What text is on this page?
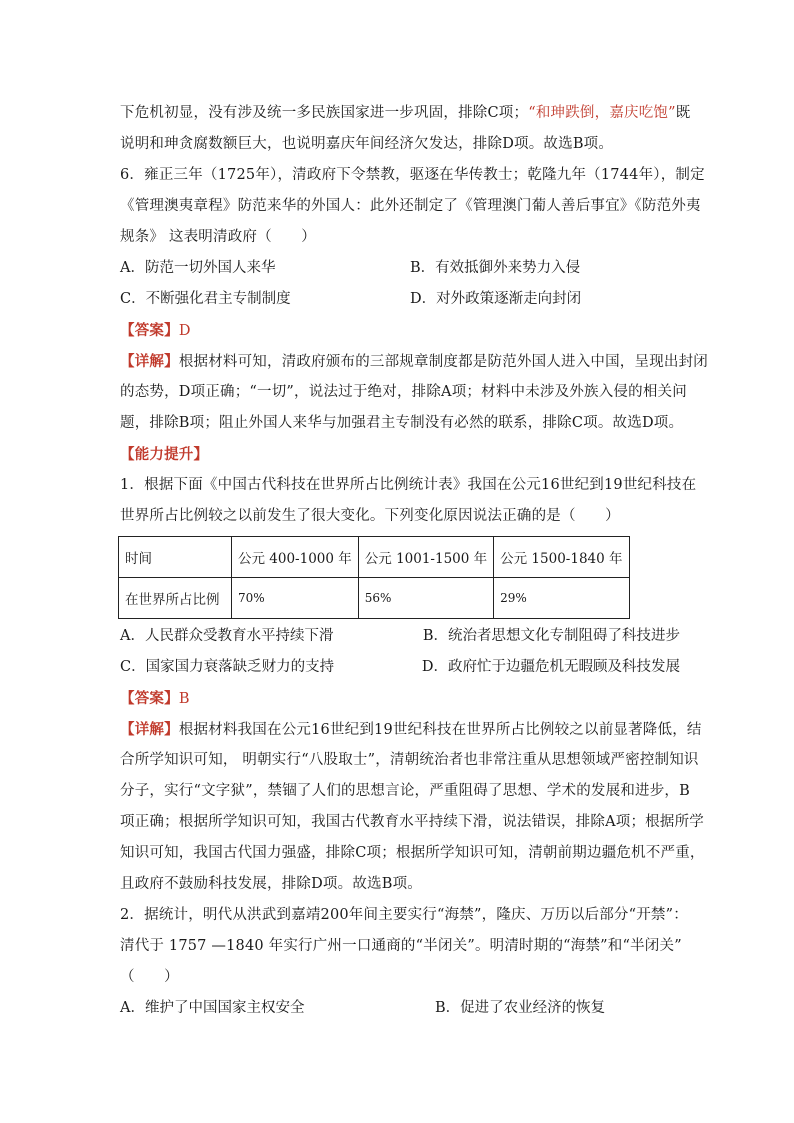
下危机初显，没有涉及统一多民族国家进一步巩固，排除C项；“和珅跌倒，嘉庆吃饱”既
说明和珅贪腐数额巨大，也说明嘉庆年间经济欠发达，排除D项。故选B项。
6．雍正三年（1725年），清政府下令禁教，驱逐在华传教士；乾隆九年（1744年），制定
《管理澳夷章程》防范来华的外国人：此外还制定了《管理澳门葡人善后事宜》《防范外夷
规条》 这表明清政府（　　）
A．防范一切外国人来华	B．有效抵御外来势力入侵
C．不断强化君主专制制度	D．对外政策逐渐走向封闭
【答案】D
【详解】根据材料可知，清政府颁布的三部规章制度都是防范外国人进入中国，呈现出封闭
的态势，D项正确；“一切”，说法过于绝对，排除A项；材料中未涉及外族入侵的相关问
题，排除B项；阻止外国人来华与加强君主专制没有必然的联系，排除C项。故选D项。
【能力提升】
1．根据下面《中国古代科技在世界所占比例统计表》我国在公元16世纪到19世纪科技在
世界所占比例较之以前发生了很大变化。下列变化原因说法正确的是（　　）
时间	公元 400-1000 年	公元 1001-1500 年	公元 1500-1840 年
在世界所占比例	70%	56%	29%
A．人民群众受教育水平持续下滑	B．统治者思想文化专制阻碍了科技进步
C．国家国力衰落缺乏财力的支持	D．政府忙于边疆危机无暇顾及科技发展
【答案】B
【详解】根据材料我国在公元16世纪到19世纪科技在世界所占比例较之以前显著降低，结
合所学知识可知， 明朝实行“八股取士”，清朝统治者也非常注重从思想领域严密控制知识
分子，实行“文字狱”，禁锢了人们的思想言论，严重阻碍了思想、学术的发展和进步，B
项正确；根据所学知识可知，我国古代教育水平持续下滑，说法错误，排除A项；根据所学
知识可知，我国古代国力强盛，排除C项；根据所学知识可知，清朝前期边疆危机不严重，
且政府不鼓励科技发展，排除D项。故选B项。
2．据统计，明代从洪武到嘉靖200年间主要实行“海禁”，隆庆、万历以后部分“开禁”：
清代于 1757 —1840 年实行广州一口通商的“半闭关”。明清时期的“海禁”和“半闭关”
（　　）
A．维护了中国国家主权安全	B．促进了农业经济的恢复
